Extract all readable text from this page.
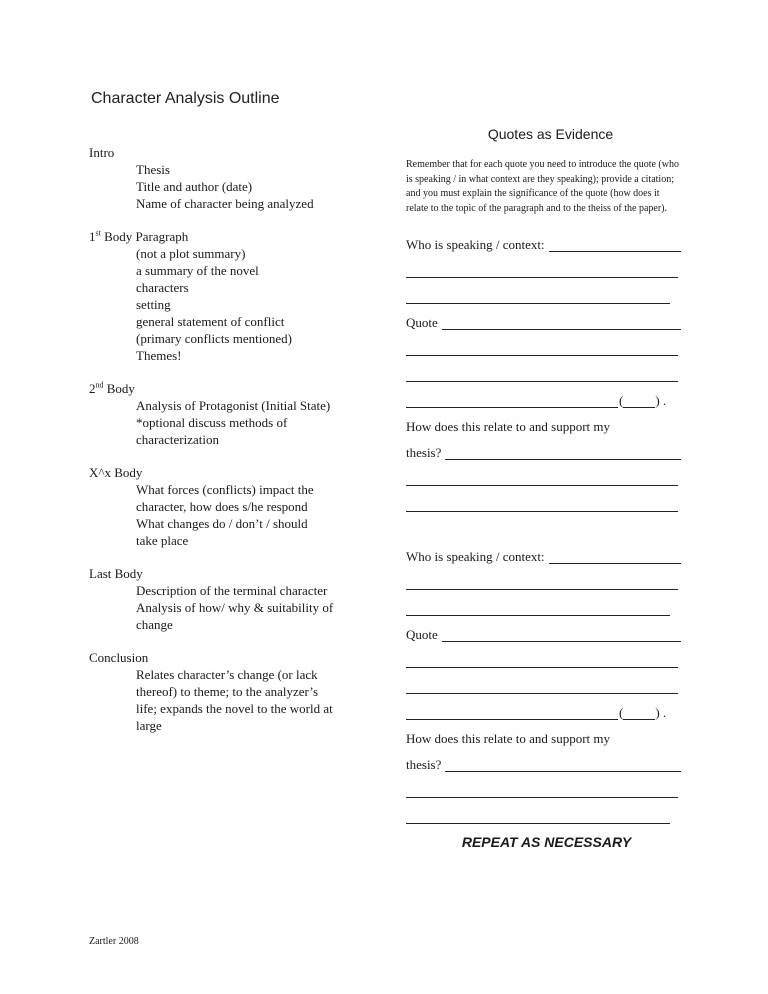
Character Analysis Outline
Intro
Thesis
Title and author (date)
Name of character being analyzed
1st Body Paragraph
(not a plot summary)
a summary of the novel
characters
setting
general statement of conflict
(primary conflicts mentioned)
Themes!
2nd Body
Analysis of Protagonist (Initial State)
*optional discuss methods of
characterization
X^x Body
What forces (conflicts) impact the
character, how does s/he respond
What changes do / don’t / should
take place
Last Body
Description of the terminal character
Analysis of how/ why & suitability of
change
Conclusion
Relates character’s change (or lack
thereof) to theme; to the analyzer’s
life; expands the novel to the world at
large
Quotes as Evidence
Remember that for each quote you need to introduce the quote (who is speaking / in what context are they speaking); provide a citation; and you must explain the significance of the quote (how does it relate to the topic of the paragraph and to the theiss of the paper).
Who is speaking / context:
Quote
( ) .
How does this relate to and support my
thesis?
Who is speaking / context:
Quote
( ) .
How does this relate to and support my
thesis?
REPEAT AS NECESSARY
Zartler 2008
